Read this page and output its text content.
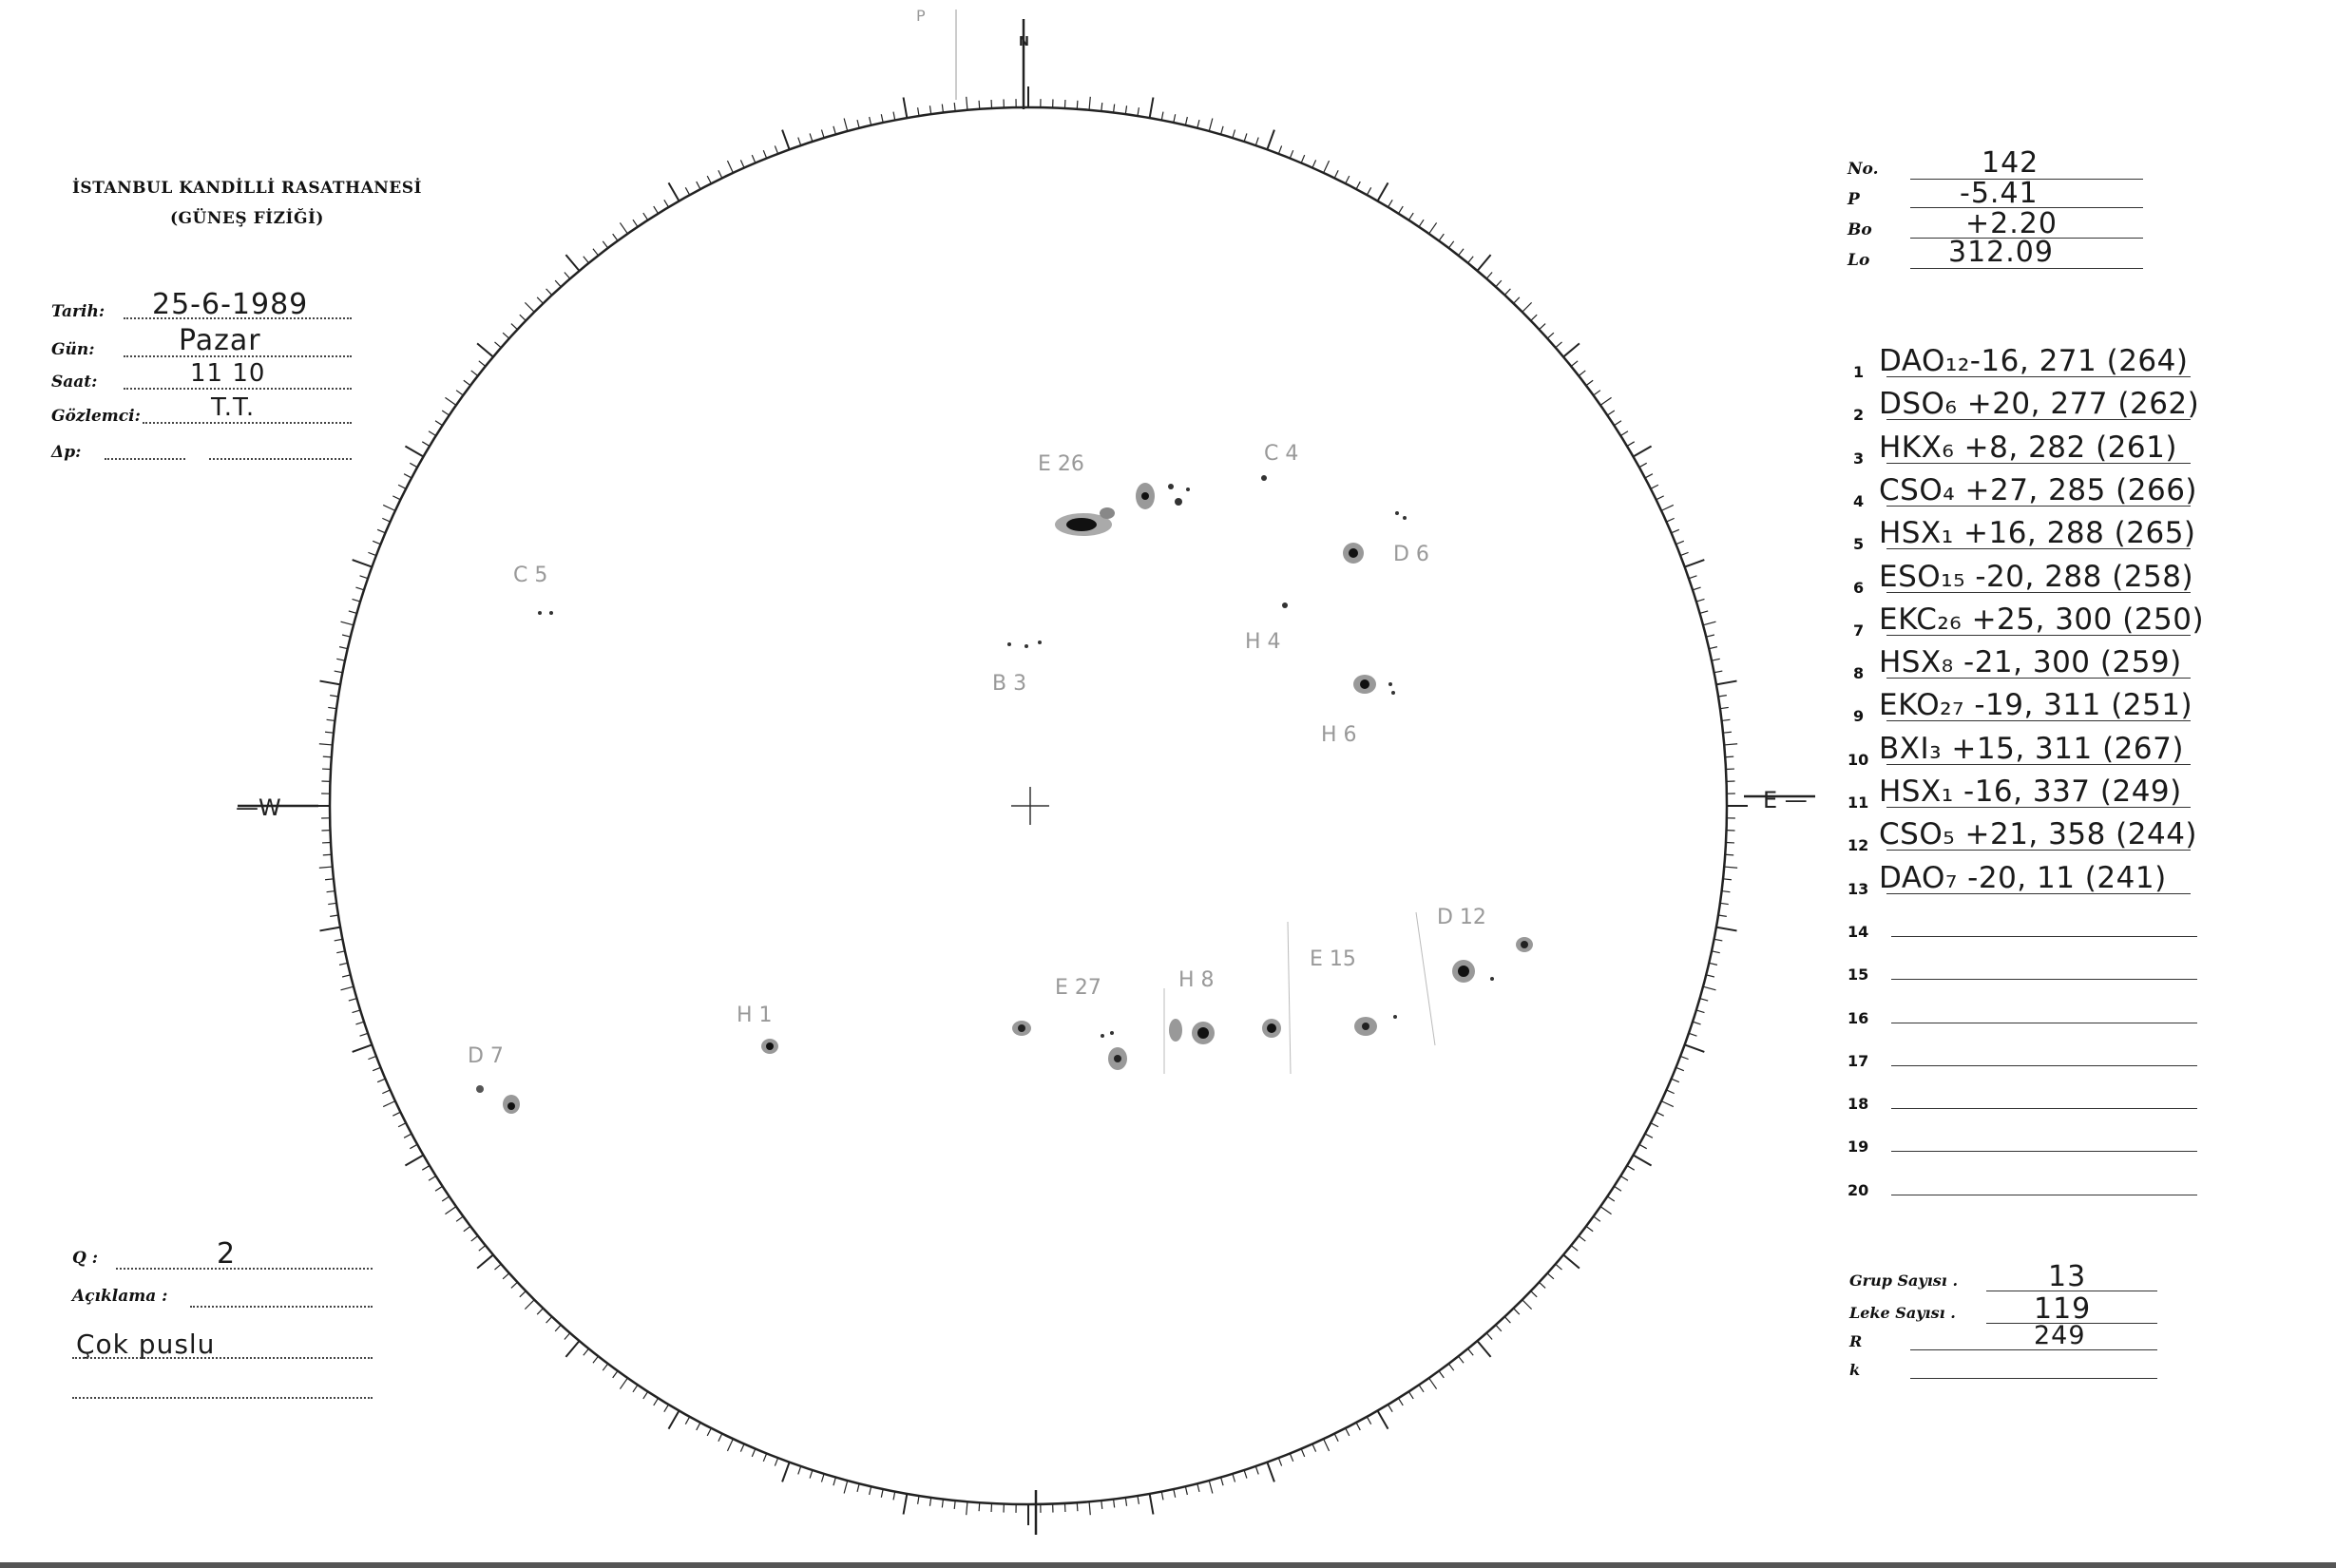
İSTANBUL KANDİLLİ RASATHANESİ
(GÜNEŞ FİZİĞİ)
Tarih: 25-6-1989
Gün:	Pazar
Saat:	11 10
Gözlemci:	T.T.
Δp:
No.	142
P	-5.41
Bo	+2.20
Lo	312.09
1 DAO₁₂-16, 271 (264)
2 DSO₆ +20, 277 (262)
3 HKX₆ +8, 282 (261)
4 CSO₄ +27, 285 (266)
5 HSX₁ +16, 288 (265)
6 ESO₁₅ -20, 288 (258)
7 EKC₂₆ +25, 300 (250)
8 HSX₈ -21, 300 (259)
9 EKO₂₇ -19, 311 (251)
10 BXI₃ +15, 311 (267)
11 HSX₁ -16, 337 (249)
12 CSO₅ +21, 358 (244)
13 DAO₇ -20, 11 (241)
14
15
16
17
18
19
20
Q :	2
Açıklama :
Çok puslu
Grup Sayısı .	13
Leke Sayısı .	119
R	249
k
P
N
—W	E —
E 26	C 4
D 6
H 4
C 5
B 3
H 6
H 1
D 7
E 27	H 8
E 15
D 12
